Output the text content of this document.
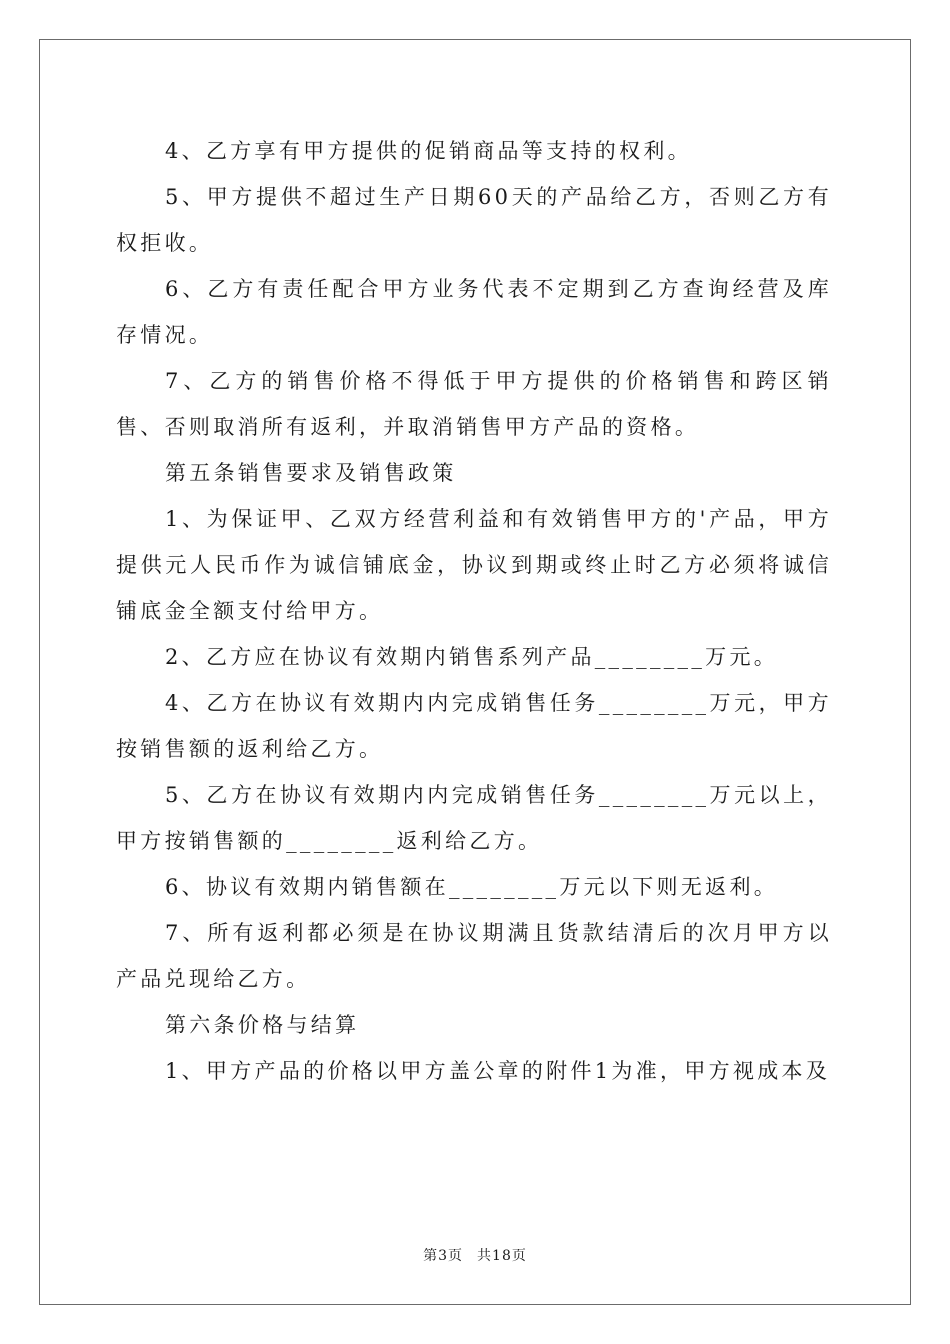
4、乙方享有甲方提供的促销商品等支持的权利。

5、甲方提供不超过生产日期60天的产品给乙方，否则乙方有权拒收。

6、乙方有责任配合甲方业务代表不定期到乙方查询经营及库存情况。

7、乙方的销售价格不得低于甲方提供的价格销售和跨区销售、否则取消所有返利，并取消销售甲方产品的资格。

第五条销售要求及销售政策

1、为保证甲、乙双方经营利益和有效销售甲方的'产品，甲方提供元人民币作为诚信铺底金，协议到期或终止时乙方必须将诚信铺底金全额支付给甲方。

2、乙方应在协议有效期内销售系列产品________万元。

4、乙方在协议有效期内内完成销售任务________万元，甲方按销售额的返利给乙方。

5、乙方在协议有效期内内完成销售任务________万元以上，甲方按销售额的________返利给乙方。

6、协议有效期内销售额在________万元以下则无返利。

7、所有返利都必须是在协议期满且货款结清后的次月甲方以产品兑现给乙方。

第六条价格与结算

1、甲方产品的价格以甲方盖公章的附件1为准，甲方视成本及

第3页 共18页
